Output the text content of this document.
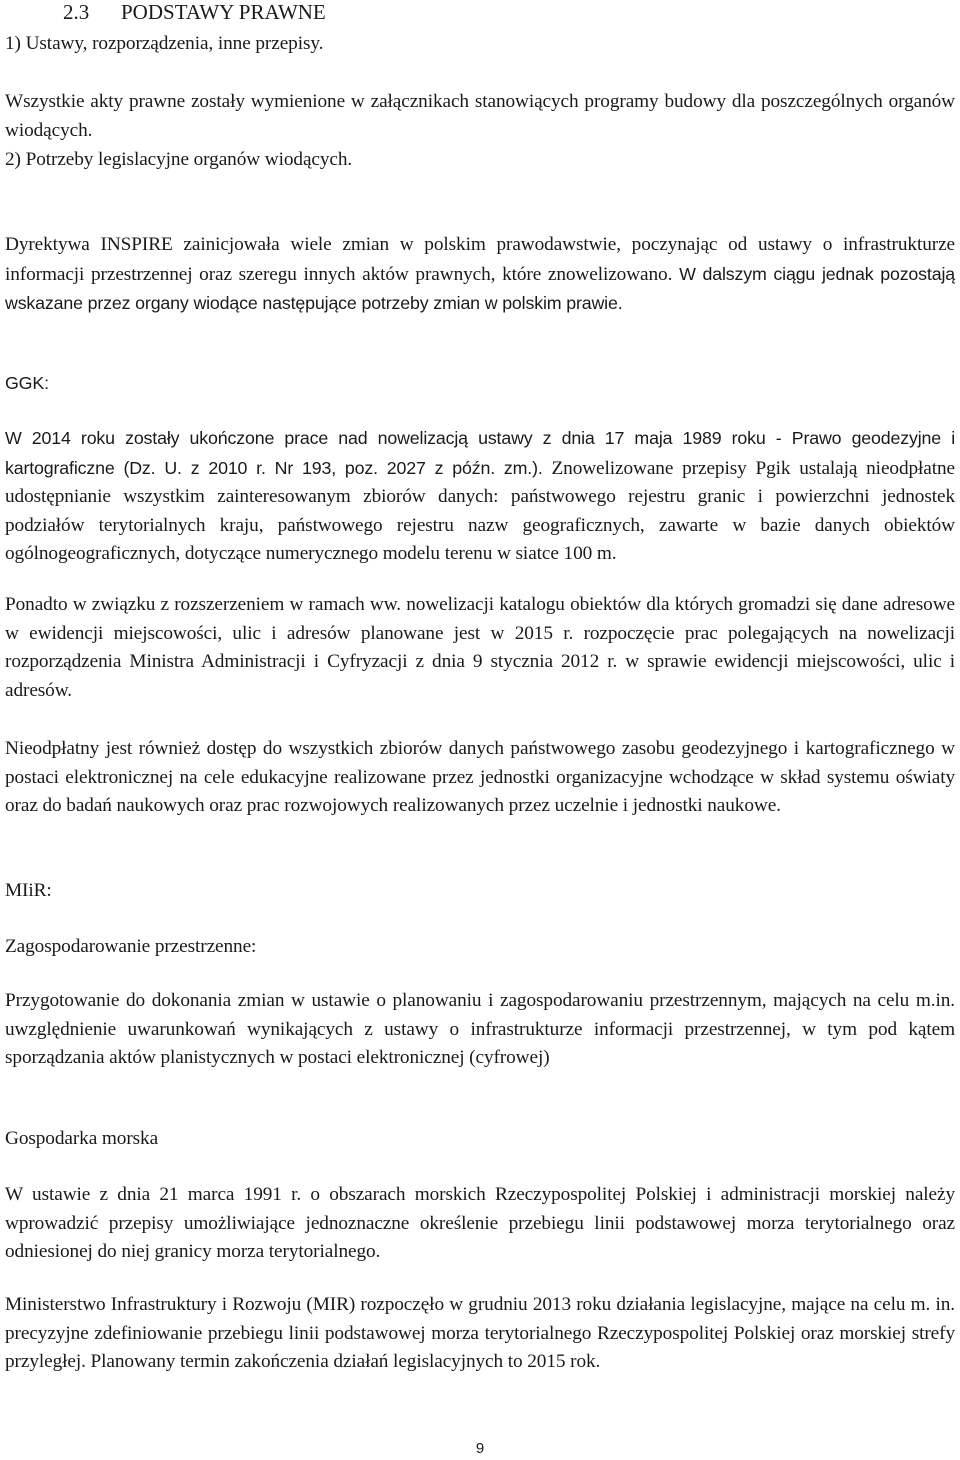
2.3 PODSTAWY PRAWNE

1) Ustawy, rozporządzenia, inne przepisy.

Wszystkie akty prawne zostały wymienione w załącznikach stanowiących programy budowy dla poszczególnych organów wiodących.

2) Potrzeby legislacyjne organów wiodących.

Dyrektywa INSPIRE zainicjowała wiele zmian w polskim prawodawstwie, poczynając od ustawy o infrastrukturze informacji przestrzennej oraz szeregu innych aktów prawnych, które znowelizowano. W dalszym ciągu jednak pozostają wskazane przez organy wiodące następujące potrzeby zmian w polskim prawie.

GGK:

W 2014 roku zostały ukończone prace nad nowelizacją ustawy z dnia 17 maja 1989 roku - Prawo geodezyjne i kartograficzne (Dz. U. z 2010 r. Nr 193, poz. 2027 z późn. zm.). Znowelizowane przepisy Pgik ustalają nieodpłatne udostępnianie wszystkim zainteresowanym zbiorów danych: państwowego rejestru granic i powierzchni jednostek podziałów terytorialnych kraju, państwowego rejestru nazw geograficznych, zawarte w bazie danych obiektów ogólnogeograficznych, dotyczące numerycznego modelu terenu w siatce 100 m.

Ponadto w związku z rozszerzeniem w ramach ww. nowelizacji katalogu obiektów dla których gromadzi się dane adresowe w ewidencji miejscowości, ulic i adresów planowane jest w 2015 r. rozpoczęcie prac polegających na nowelizacji rozporządzenia Ministra Administracji i Cyfryzacji z dnia 9 stycznia 2012 r. w sprawie ewidencji miejscowości, ulic i adresów.

Nieodpłatny jest również dostęp do wszystkich zbiorów danych państwowego zasobu geodezyjnego i kartograficznego w postaci elektronicznej na cele edukacyjne realizowane przez jednostki organizacyjne wchodzące w skład systemu oświaty oraz do badań naukowych oraz prac rozwojowych realizowanych przez uczelnie i jednostki naukowe.

MIiR:

Zagospodarowanie przestrzenne:

Przygotowanie do dokonania zmian w ustawie o planowaniu i zagospodarowaniu przestrzennym, mających na celu m.in. uwzględnienie uwarunkowań wynikających z ustawy o infrastrukturze informacji przestrzennej, w tym pod kątem sporządzania aktów planistycznych w postaci elektronicznej (cyfrowej)

Gospodarka morska

W ustawie z dnia 21 marca 1991 r. o obszarach morskich Rzeczypospolitej Polskiej i administracji morskiej należy wprowadzić przepisy umożliwiające jednoznaczne określenie przebiegu linii podstawowej morza terytorialnego oraz odniesionej do niej granicy morza terytorialnego.

Ministerstwo Infrastruktury i Rozwoju (MIR) rozpoczęło w grudniu 2013 roku działania legislacyjne, mające na celu m. in. precyzyjne zdefiniowanie przebiegu linii podstawowej morza terytorialnego Rzeczypospolitej Polskiej oraz morskiej strefy przyległej. Planowany termin zakończenia działań legislacyjnych to 2015 rok.

9
